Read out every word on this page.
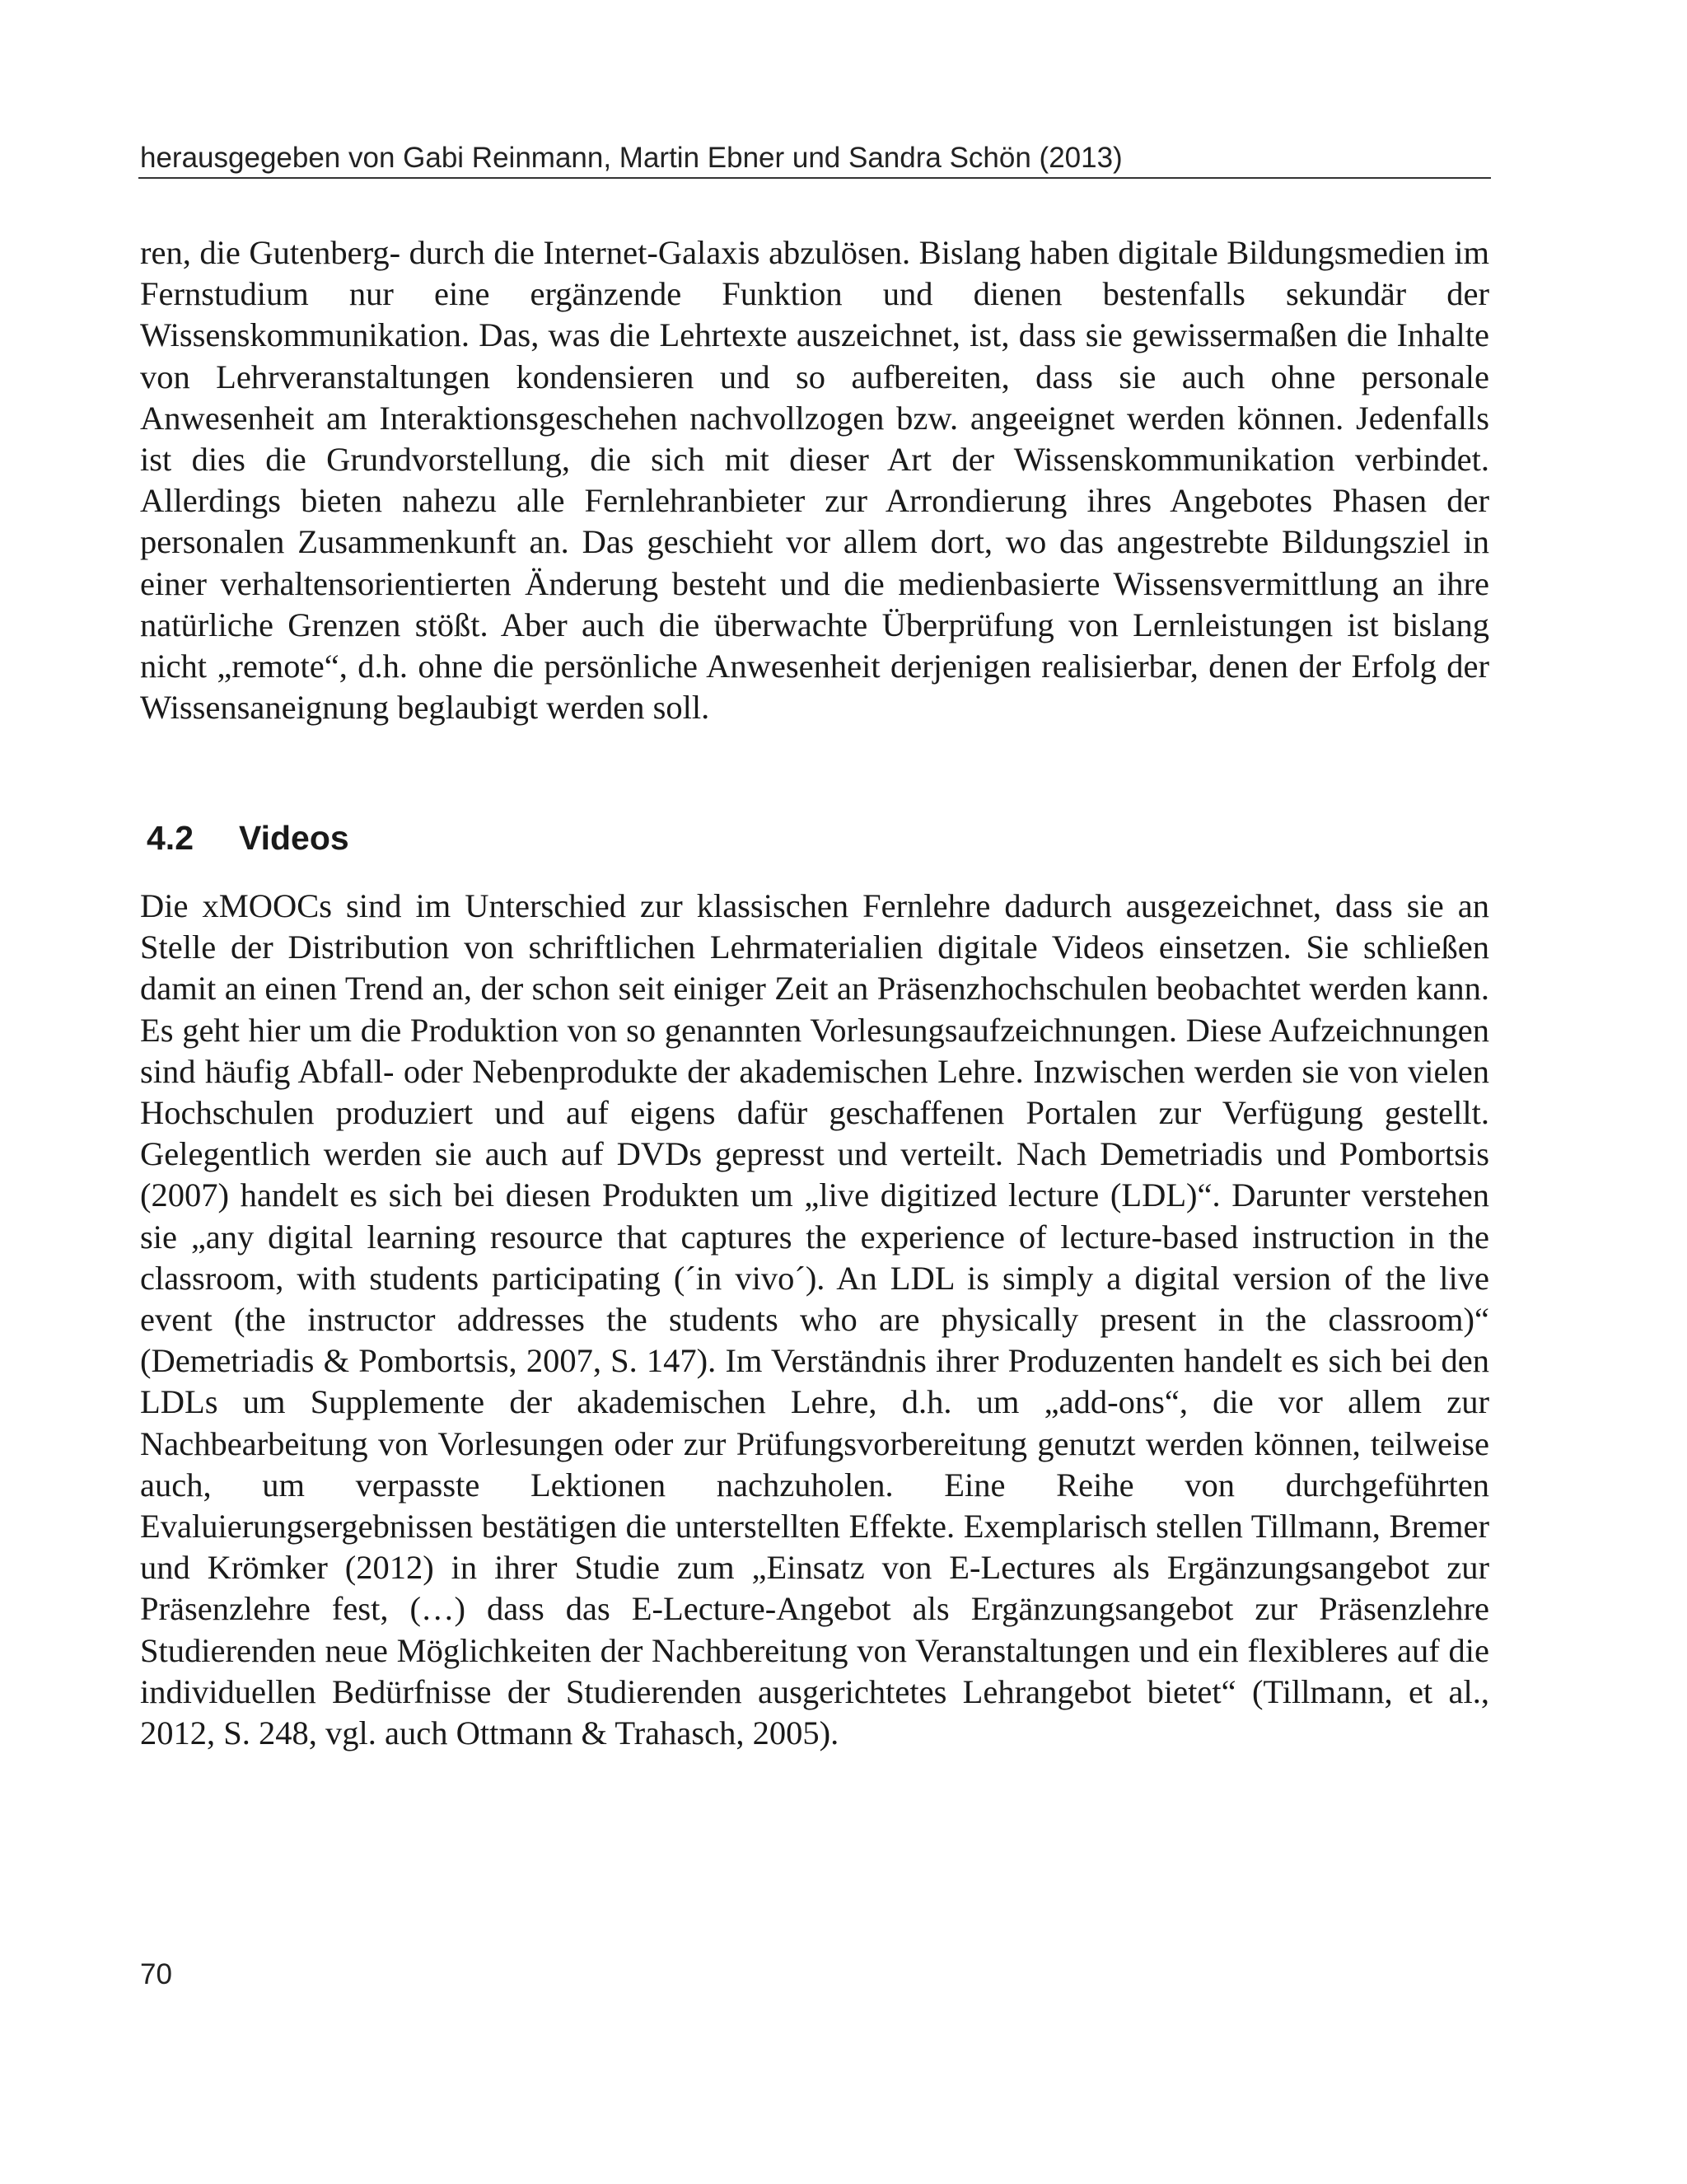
herausgegeben von Gabi Reinmann, Martin Ebner und Sandra Schön (2013)

ren, die Gutenberg- durch die Internet-Galaxis abzulösen. Bislang haben digitale Bildungsmedien im Fernstudium nur eine ergänzende Funktion und dienen bestenfalls sekundär der Wissenskommunikation. Das, was die Lehrtexte auszeichnet, ist, dass sie gewissermaßen die Inhalte von Lehrveranstaltungen kondensieren und so aufbereiten, dass sie auch ohne personale Anwesenheit am Interaktionsgeschehen nachvollzogen bzw. angeeignet werden können. Jedenfalls ist dies die Grundvorstellung, die sich mit dieser Art der Wissenskommunikation verbindet. Allerdings bieten nahezu alle Fernlehranbieter zur Arrondierung ihres Angebotes Phasen der personalen Zusammenkunft an. Das geschieht vor allem dort, wo das angestrebte Bildungsziel in einer verhaltensorientierten Änderung besteht und die medienbasierte Wissensvermittlung an ihre natürliche Grenzen stößt. Aber auch die überwachte Überprüfung von Lernleistungen ist bislang nicht „remote“, d.h. ohne die persönliche Anwesenheit derjenigen realisierbar, denen der Erfolg der Wissensaneignung beglaubigt werden soll.

4.2 Videos

Die xMOOCs sind im Unterschied zur klassischen Fernlehre dadurch ausgezeichnet, dass sie an Stelle der Distribution von schriftlichen Lehrmaterialien digitale Videos einsetzen. Sie schließen damit an einen Trend an, der schon seit einiger Zeit an Präsenzhochschulen beobachtet werden kann. Es geht hier um die Produktion von so genannten Vorlesungsaufzeichnungen. Diese Aufzeichnungen sind häufig Abfall- oder Nebenprodukte der akademischen Lehre. Inzwischen werden sie von vielen Hochschulen produziert und auf eigens dafür geschaffenen Portalen zur Verfügung gestellt. Gelegentlich werden sie auch auf DVDs gepresst und verteilt. Nach Demetriadis und Pombortsis (2007) handelt es sich bei diesen Produkten um „live digitized lecture (LDL)“. Darunter verstehen sie „any digital learning resource that captures the experience of lecture-based instruction in the classroom, with students participating (´in vivo´). An LDL is simply a digital version of the live event (the instructor addresses the students who are physically present in the classroom)“ (Demetriadis & Pombortsis, 2007, S. 147). Im Verständnis ihrer Produzenten handelt es sich bei den LDLs um Supplemente der akademischen Lehre, d.h. um „add-ons“, die vor allem zur Nachbearbeitung von Vorlesungen oder zur Prüfungsvorbereitung genutzt werden können, teilweise auch, um verpasste Lektionen nachzuholen. Eine Reihe von durchgeführten Evaluierungsergebnissen bestätigen die unterstellten Effekte. Exemplarisch stellen Tillmann, Bremer und Krömker (2012) in ihrer Studie zum „Einsatz von E-Lectures als Ergänzungsangebot zur Präsenzlehre fest, (…) dass das E-Lecture-Angebot als Ergänzungsangebot zur Präsenzlehre Studierenden neue Möglichkeiten der Nachbereitung von Veranstaltungen und ein flexibleres auf die individuellen Bedürfnisse der Studierenden ausgerichtetes Lehrangebot bietet“ (Tillmann, et al., 2012, S. 248, vgl. auch Ottmann & Trahasch, 2005).

70
